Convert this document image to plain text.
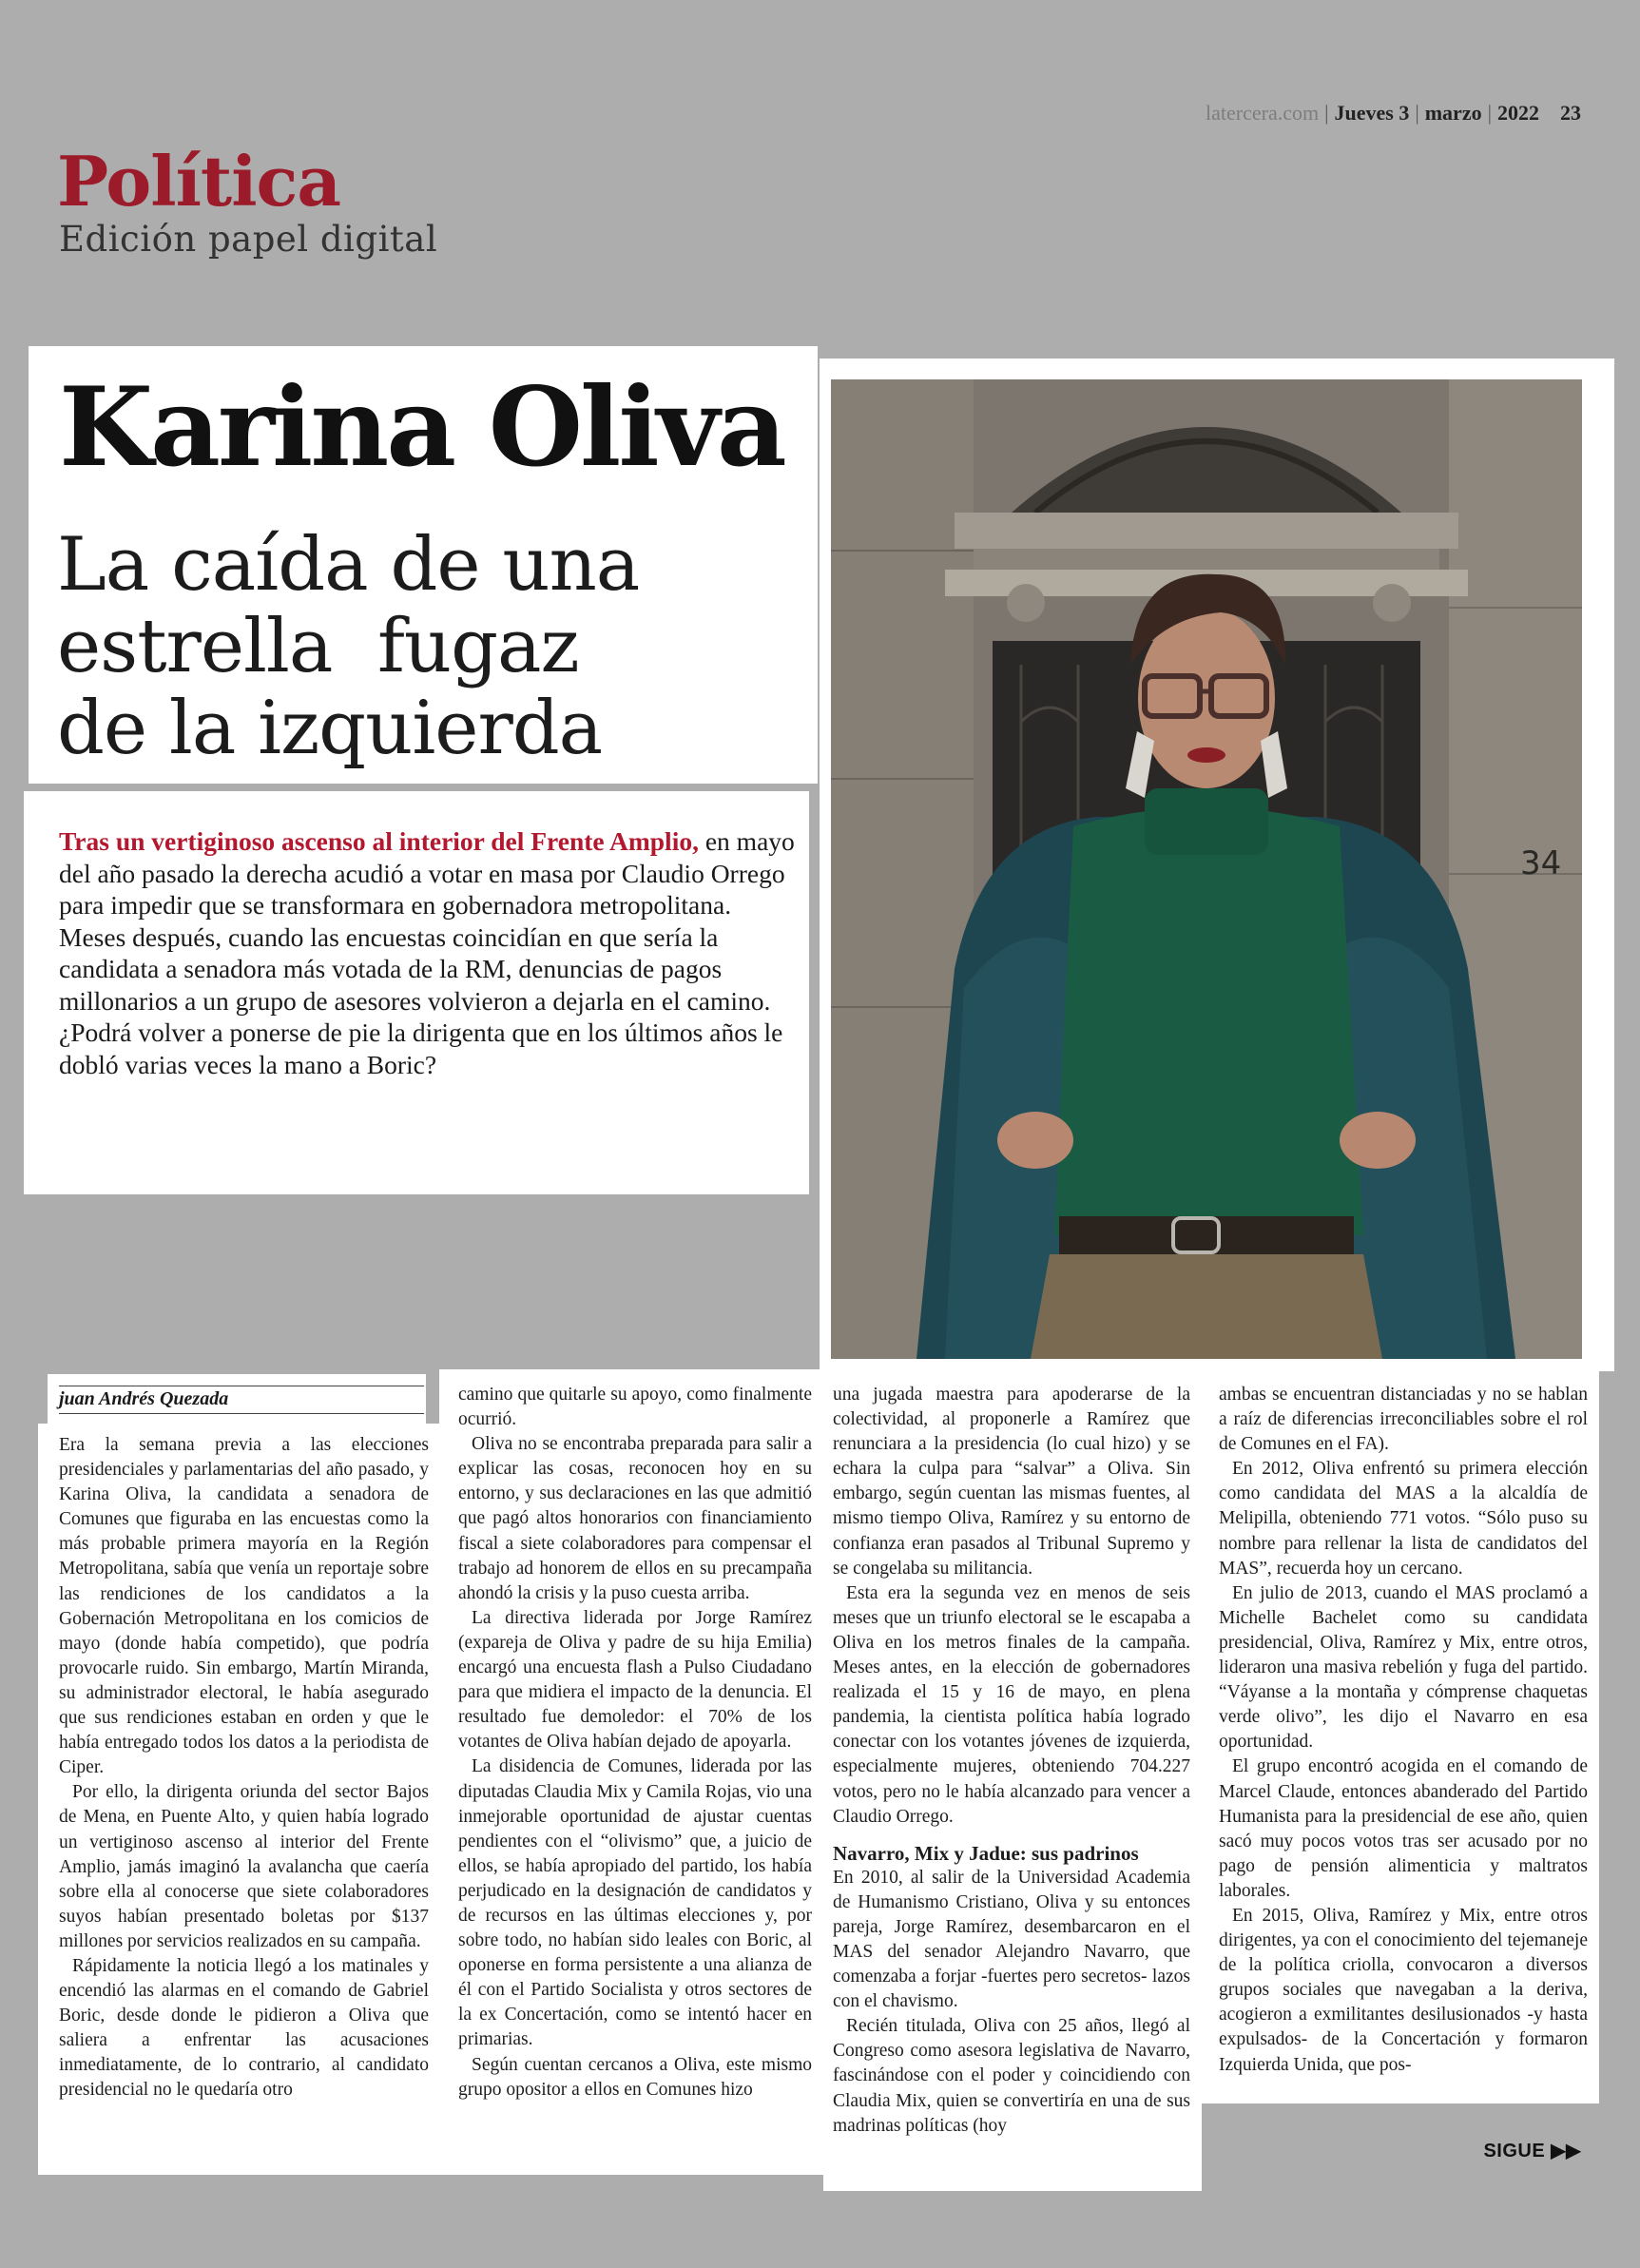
latercera.com | Jueves 3 | marzo | 2022 23
Política
Edición papel digital
Karina Oliva
La caída de una
estrella  fugaz
de la izquierda

Tras un vertiginoso ascenso al interior del Frente Amplio, en mayo del año pasado la derecha acudió a votar en masa por Claudio Orrego para impedir que se transformara en gobernadora metropolitana. Meses después, cuando las encuestas coincidían en que sería la candidata a senadora más votada de la RM, denuncias de pagos millonarios a un grupo de asesores volvieron a dejarla en el camino. ¿Podrá volver a ponerse de pie la dirigenta que en los últimos años le dobló varias veces la mano a Boric?

34
juan Andrés Quezada

Era la semana previa a las elecciones presidenciales y parlamentarias del año pasado, y Karina Oliva, la candidata a senadora de Comunes que figuraba en las encuestas como la más probable primera mayoría en la Región Metropolitana, sabía que venía un reportaje sobre las rendiciones de los candidatos a la Gobernación Metropolitana en los comicios de mayo (donde había competido), que podría provocarle ruido. Sin embargo, Martín Miranda, su administrador electoral, le había asegurado que sus rendiciones estaban en orden y que le había entregado todos los datos a la periodista de Ciper.

Por ello, la dirigenta oriunda del sector Bajos de Mena, en Puente Alto, y quien había logrado un vertiginoso ascenso al interior del Frente Amplio, jamás imaginó la avalancha que caería sobre ella al conocerse que siete colaboradores suyos habían presentado boletas por $137 millones por servicios realizados en su campaña.

Rápidamente la noticia llegó a los matinales y encendió las alarmas en el comando de Gabriel Boric, desde donde le pidieron a Oliva que saliera a enfrentar las acusaciones inmediatamente, de lo contrario, al candidato presidencial no le quedaría otro

camino que quitarle su apoyo, como finalmente ocurrió.

Oliva no se encontraba preparada para salir a explicar las cosas, reconocen hoy en su entorno, y sus declaraciones en las que admitió que pagó altos honorarios con financiamiento fiscal a siete colaboradores para compensar el trabajo ad honorem de ellos en su precampaña ahondó la crisis y la puso cuesta arriba.

La directiva liderada por Jorge Ramírez (expareja de Oliva y padre de su hija Emilia) encargó una encuesta flash a Pulso Ciudadano para que midiera el impacto de la denuncia. El resultado fue demoledor: el 70% de los votantes de Oliva habían dejado de apoyarla.

La disidencia de Comunes, liderada por las diputadas Claudia Mix y Camila Rojas, vio una inmejorable oportunidad de ajustar cuentas pendientes con el “olivismo” que, a juicio de ellos, se había apropiado del partido, los había perjudicado en la designación de candidatos y de recursos en las últimas elecciones y, por sobre todo, no habían sido leales con Boric, al oponerse en forma persistente a una alianza de él con el Partido Socialista y otros sectores de la ex Concertación, como se intentó hacer en primarias.

Según cuentan cercanos a Oliva, este mismo grupo opositor a ellos en Comunes hizo

una jugada maestra para apoderarse de la colectividad, al proponerle a Ramírez que renunciara a la presidencia (lo cual hizo) y se echara la culpa para “salvar” a Oliva. Sin embargo, según cuentan las mismas fuentes, al mismo tiempo Oliva, Ramírez y su entorno de confianza eran pasados al Tribunal Supremo y se congelaba su militancia.

Esta era la segunda vez en menos de seis meses que un triunfo electoral se le escapaba a Oliva en los metros finales de la campaña. Meses antes, en la elección de gobernadores realizada el 15 y 16 de mayo, en plena pandemia, la cientista política había logrado conectar con los votantes jóvenes de izquierda, especialmente mujeres, obteniendo 704.227 votos, pero no le había alcanzado para vencer a Claudio Orrego.

Navarro, Mix y Jadue: sus padrinos

En 2010, al salir de la Universidad Academia de Humanismo Cristiano, Oliva y su entonces pareja, Jorge Ramírez, desembarcaron en el MAS del senador Alejandro Navarro, que comenzaba a forjar -fuertes pero secretos- lazos con el chavismo.

Recién titulada, Oliva con 25 años, llegó al Congreso como asesora legislativa de Navarro, fascinándose con el poder y coincidiendo con Claudia Mix, quien se convertiría en una de sus madrinas políticas (hoy

ambas se encuentran distanciadas y no se hablan a raíz de diferencias irreconciliables sobre el rol de Comunes en el FA).

En 2012, Oliva enfrentó su primera elección como candidata del MAS a la alcaldía de Melipilla, obteniendo 771 votos. “Sólo puso su nombre para rellenar la lista de candidatos del MAS”, recuerda hoy un cercano.

En julio de 2013, cuando el MAS proclamó a Michelle Bachelet como su candidata presidencial, Oliva, Ramírez y Mix, entre otros, lideraron una masiva rebelión y fuga del partido. “Váyanse a la montaña y cómprense chaquetas verde olivo”, les dijo el Navarro en esa oportunidad.

El grupo encontró acogida en el comando de Marcel Claude, entonces abanderado del Partido Humanista para la presidencial de ese año, quien sacó muy pocos votos tras ser acusado por no pago de pensión alimenticia y maltratos laborales.

En 2015, Oliva, Ramírez y Mix, entre otros dirigentes, ya con el conocimiento del tejemaneje de la política criolla, convocaron a diversos grupos sociales que navegaban a la deriva, acogieron a exmilitantes desilusionados -y hasta expulsados- de la Concertación y formaron Izquierda Unida, que pos-

SIGUE ▶▶
